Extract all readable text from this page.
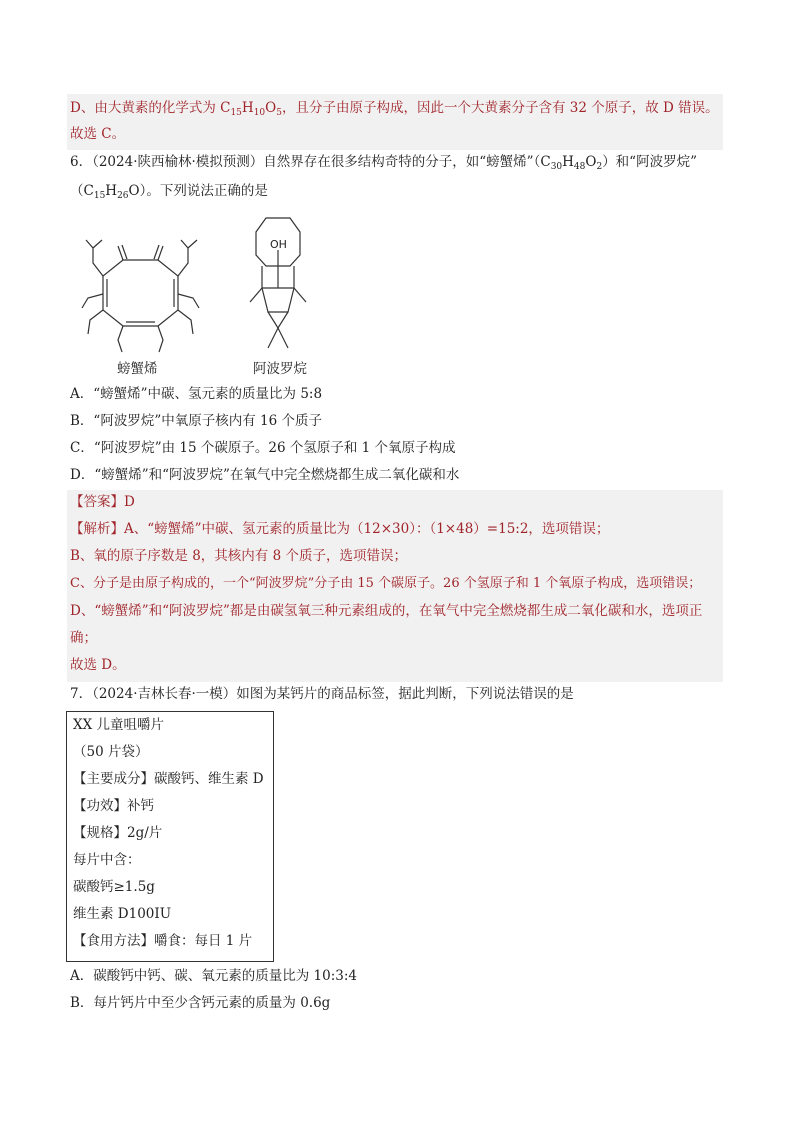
D、由大黄素的化学式为 $C_{15}H_{10}O_5$，且分子由原子构成，因此一个大黄素分子含有 32 个原子，故 D 错误。
故选 C。
6．（2024·陕西榆林·模拟预测）自然界存在很多结构奇特的分子，如“螃蟹烯$”(C_{30}H_{48}O_2)$和“阿波罗烷”
$(C_{15}H_{26}O)$。下列说法正确的是
螃蟹烯
OH
阿波罗烷
A．“螃蟹烯”中碳、氢元素的质量比为 5:8
B．“阿波罗烷”中氧原子核内有 16 个质子
C．“阿波罗烷”由 15 个碳原子。26 个氢原子和 1 个氧原子构成
D．“螃蟹烯”和“阿波罗烷”在氧气中完全燃烧都生成二氧化碳和水
【答案】D
【解析】A、“螃蟹烯”中碳、氢元素的质量比为（12×30）：（1×48）=15:2，选项错误；
B、氧的原子序数是 8，其核内有 8 个质子，选项错误；
C、分子是由原子构成的，一个“阿波罗烷”分子由 15 个碳原子。26 个氢原子和 1 个氧原子构成，选项错误；
D、“螃蟹烯”和“阿波罗烷”都是由碳氢氧三种元素组成的，在氧气中完全燃烧都生成二氧化碳和水，选项正
确；
故选 D。
7．（2024·吉林长春·一模）如图为某钙片的商品标签，据此判断，下列说法错误的是
XX 儿童咀嚼片
（50 片袋）
【主要成分】碳酸钙、维生素 D
【功效】补钙
【规格】2g/片
每片中含：
碳酸钙≥1.5g
维生素 D100IU
【食用方法】嚼食：每日 1 片
A．碳酸钙中钙、碳、氧元素的质量比为 10:3:4
B．每片钙片中至少含钙元素的质量为 0.6g
